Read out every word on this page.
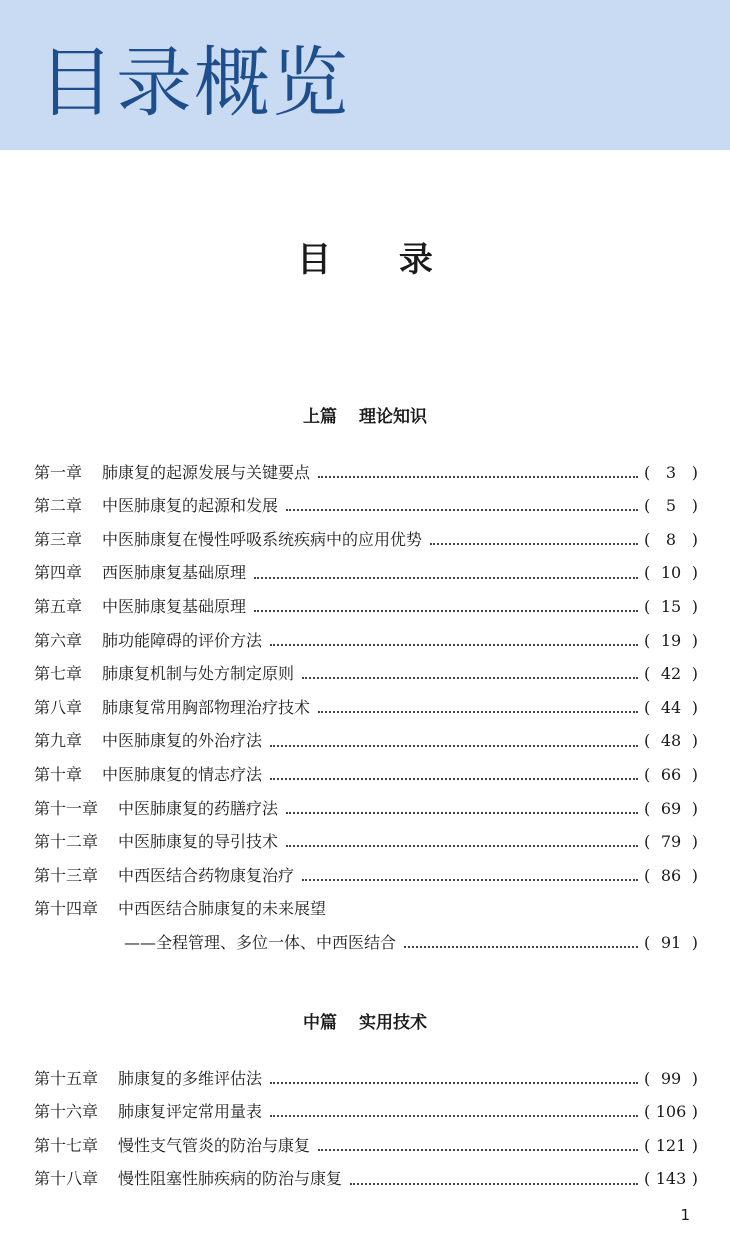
目录概览
目 录
上篇 理论知识
第一章 肺康复的起源发展与关键要点	( 3 )
第二章 中医肺康复的起源和发展	( 5 )
第三章 中医肺康复在慢性呼吸系统疾病中的应用优势	( 8 )
第四章 西医肺康复基础原理	( 10 )
第五章 中医肺康复基础原理	( 15 )
第六章 肺功能障碍的评价方法	( 19 )
第七章 肺康复机制与处方制定原则	( 42 )
第八章 肺康复常用胸部物理治疗技术	( 44 )
第九章 中医肺康复的外治疗法	( 48 )
第十章 中医肺康复的情志疗法	( 66 )
第十一章 中医肺康复的药膳疗法	( 69 )
第十二章 中医肺康复的导引技术	( 79 )
第十三章 中西医结合药物康复治疗	( 86 )
第十四章 中西医结合肺康复的未来展望
——全程管理、多位一体、中西医结合	( 91 )
中篇 实用技术
第十五章 肺康复的多维评估法	( 99 )
第十六章 肺康复评定常用量表	( 106 )
第十七章 慢性支气管炎的防治与康复	( 121 )
第十八章 慢性阻塞性肺疾病的防治与康复	( 143 )
1
